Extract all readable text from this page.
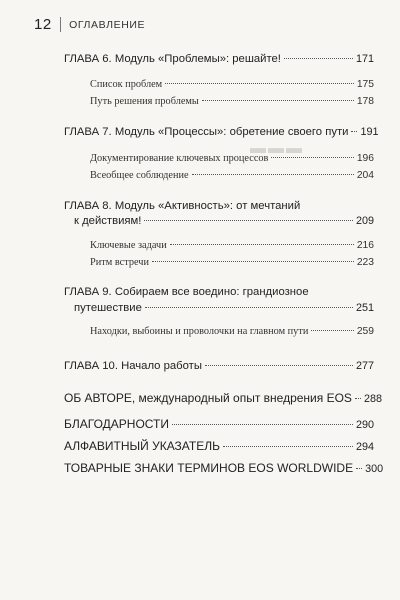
▬▬▬
12 ОГЛАВЛЕНИЕ
ГЛАВА 6. Модуль «Проблемы»: решайте!	171
Список проблем	175
Путь решения проблемы	178
ГЛАВА 7. Модуль «Процессы»: обретение своего пути 191
Документирование ключевых процессов	196
Всеобщее соблюдение	204
ГЛАВА 8. Модуль «Активность»: от мечтаний
к действиям!	209
Ключевые задачи	216
Ритм встречи	223
ГЛАВА 9. Собираем все воедино: грандиозное
путешествие	251
Находки, выбоины и проволочки на главном пути	259
ГЛАВА 10. Начало работы	277
ОБ АВТОРЕ, международный опыт внедрения EOS 288
БЛАГОДАРНОСТИ	290
АЛФАВИТНЫЙ УКАЗАТЕЛЬ	294
ТОВАРНЫЕ ЗНАКИ ТЕРМИНОВ EOS WORLDWIDE 300
